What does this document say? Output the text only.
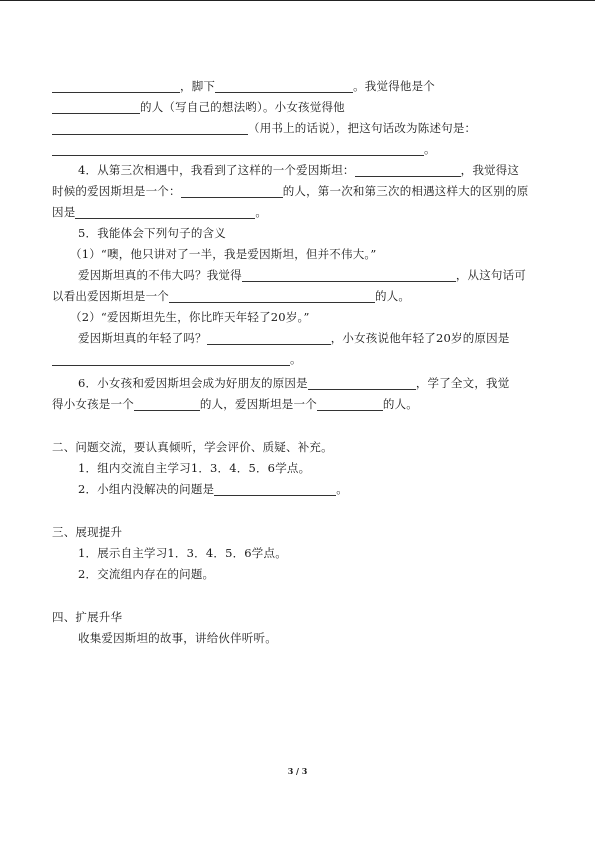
，脚下	。我觉得他是个
的人（写自己的想法哟）。小女孩觉得他
（用书上的话说），把这句话改为陈述句是：
。
4．从第三次相遇中，我看到了这样的一个爱因斯坦：	，我觉得这
时候的爱因斯坦是一个：	的人，第一次和第三次的相遇这样大的区别的原
因是	。
5．我能体会下列句子的含义
（1）“噢，他只讲对了一半，我是爱因斯坦，但并不伟大。”
爱因斯坦真的不伟大吗？我觉得	，从这句话可
以看出爱因斯坦是一个	的人。
（2）“爱因斯坦先生，你比昨天年轻了20岁。”
爱因斯坦真的年轻了吗？	，小女孩说他年轻了20岁的原因是
。
6．小女孩和爱因斯坦会成为好朋友的原因是	，学了全文，我觉
得小女孩是一个	的人，爱因斯坦是一个	的人。
二、问题交流，要认真倾听，学会评价、质疑、补充。
1．组内交流自主学习1．3．4．5．6学点。
2．小组内没解决的问题是	。
三、展现提升
1．展示自主学习1．3．4．5．6学点。
2．交流组内存在的问题。
四、扩展升华
收集爱因斯坦的故事，讲给伙伴听听。
3 / 3
